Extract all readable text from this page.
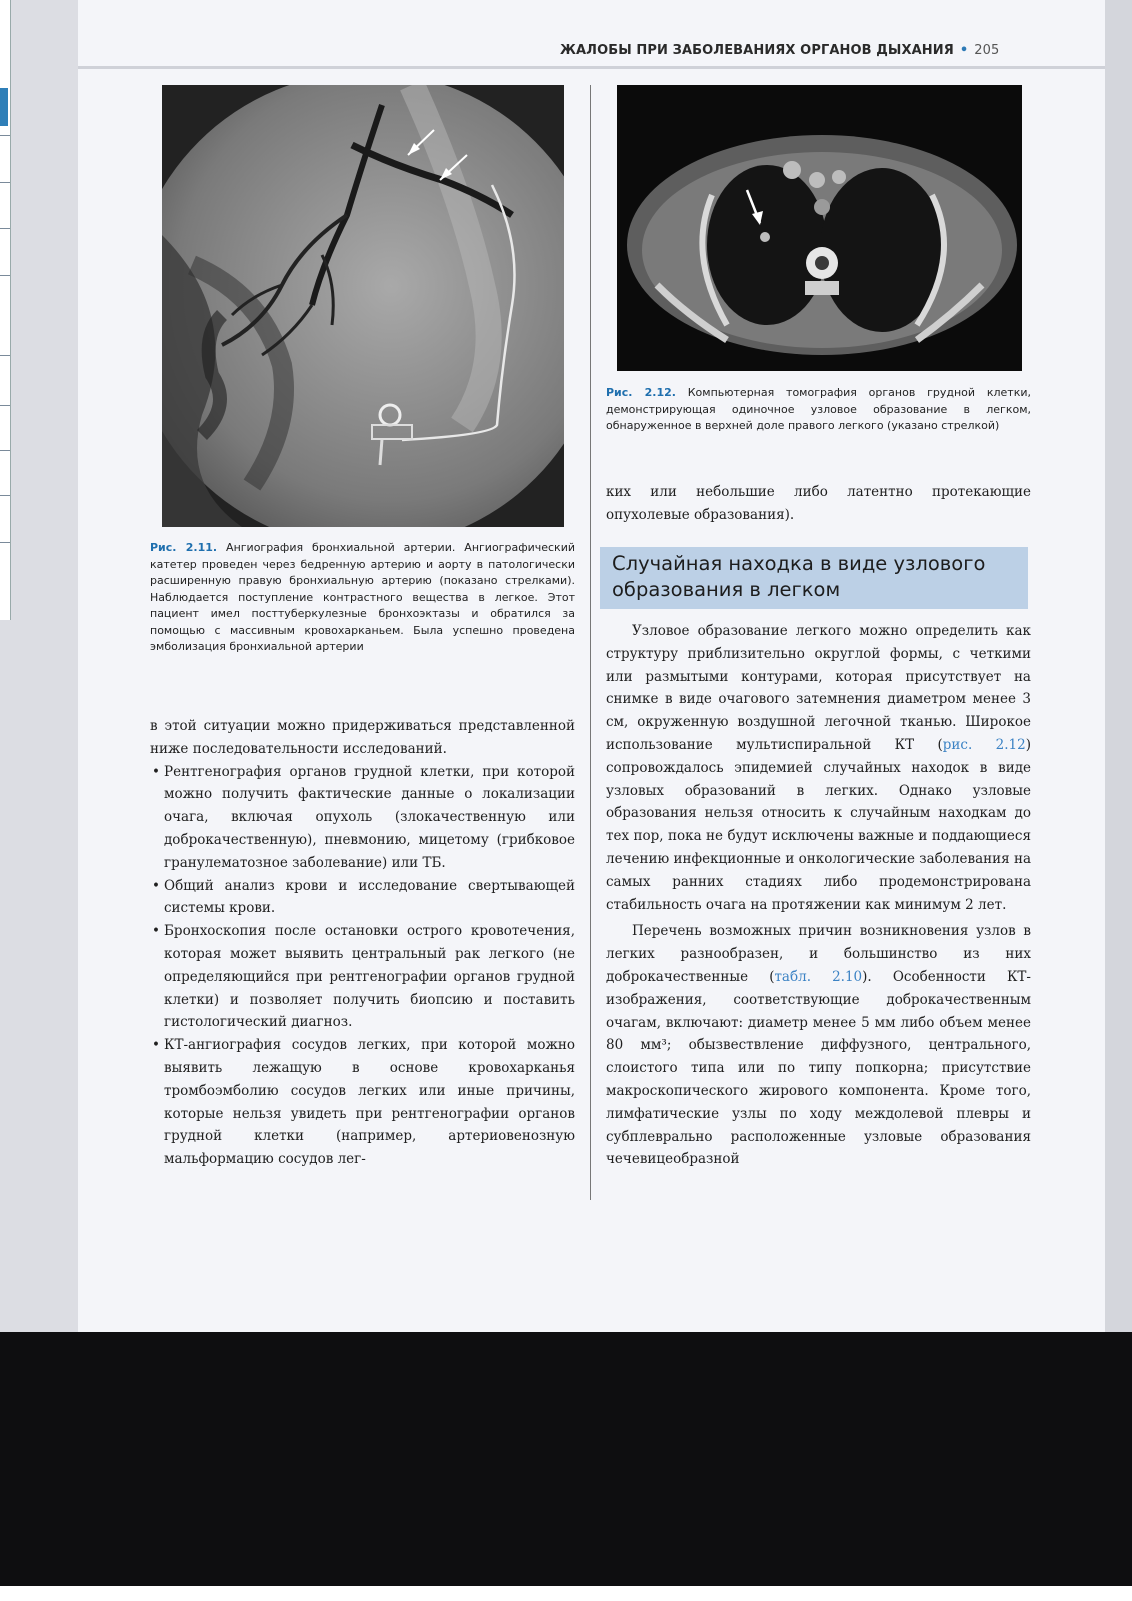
ЖАЛОБЫ ПРИ ЗАБОЛЕВАНИЯХ ОРГАНОВ ДЫХАНИЯ • 205
Рис. 2.11. Ангиография бронхиальной артерии. Ангиографический катетер проведен через бедренную артерию и аорту в патологически расширенную правую бронхиальную артерию (показано стрелками). Наблюдается поступление контрастного вещества в легкое. Этот пациент имел посттуберкулезные бронхоэктазы и обратился за помощью с массивным кровохарканьем. Была успешно проведена эмболизация бронхиальной артерии
Рис. 2.12. Компьютерная томография органов грудной клетки, демонстрирующая одиночное узловое образование в легком, обнаруженное в верхней доле правого легкого (указано стрелкой)

в этой ситуации можно придерживаться представленной ниже последовательности исследований.

• Рентгенография органов грудной клетки, при которой можно получить фактические данные о локализации очага, включая опухоль (злокачественную или доброкачественную), пневмонию, мицетому (грибковое гранулематозное заболевание) или ТБ.
• Общий анализ крови и исследование свертывающей системы крови.
• Бронхоскопия после остановки острого кровотечения, которая может выявить центральный рак легкого (не определяющийся при рентгенографии органов грудной клетки) и позволяет получить биопсию и поставить гистологический диагноз.
• КТ-ангиография сосудов легких, при которой можно выявить лежащую в основе кровохарканья тромбоэмболию сосудов легких или иные причины, которые нельзя увидеть при рентгенографии органов грудной клетки (например, артериовенозную мальформацию сосудов лег-

ких или небольшие либо латентно протекающие опухолевые образования).

Случайная находка в виде узлового образования в легком

Узловое образование легкого можно определить как структуру приблизительно округлой формы, с четкими или размытыми контурами, которая присутствует на снимке в виде очагового затемнения диаметром менее 3 см, окруженную воздушной легочной тканью. Широкое использование мультиспиральной КТ (рис. 2.12) сопровождалось эпидемией случайных находок в виде узловых образований в легких. Однако узловые образования нельзя относить к случайным находкам до тех пор, пока не будут исключены важные и поддающиеся лечению инфекционные и онкологические заболевания на самых ранних стадиях либо продемонстрирована стабильность очага на протяжении как минимум 2 лет.

Перечень возможных причин возникновения узлов в легких разнообразен, и большинство из них доброкачественные (табл. 2.10). Особенности КТ-изображения, соответствующие доброкачественным очагам, включают: диаметр менее 5 мм либо объем менее 80 мм³; обызвествление диффузного, центрального, слоистого типа или по типу попкорна; присутствие макроскопического жирового компонента. Кроме того, лимфатические узлы по ходу междолевой плевры и субплеврально расположенные узловые образования чечевицеобразной
